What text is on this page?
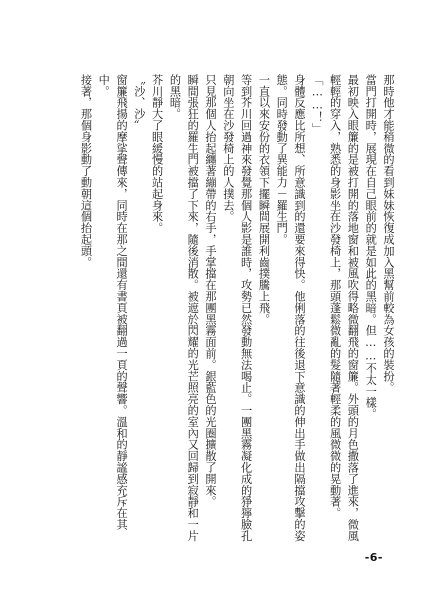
那時他才能稍微的看到妹妹恢復成加入黑幫前較為女孩的裝扮。

當門打開時，展現在自己眼前的就是如此的黑暗。但……不太一樣。

最初映入眼簾的是被打開的落地窗和被風吹得略微翻飛的窗簾。外頭的月色撒落了進來，微風輕輕的穿入，熟悉的身影坐在沙發椅上，那頭蓬鬆微亂的髮隨著輕柔的風微微的晃動著。

「……！」

身體反應比所想、所意識到的還要來得快。他俐落的往後退下意識的伸出手做出隔擋攻擊的姿態。同時發動了異能力－羅生門。

一直以來安份的衣領下擺瞬間展開利齒撲騰上飛。

等到芥川回過神來發覺那個人影是誰時，攻勢已然發動無法喝止。一團黑霧凝化成的猙獰臉孔朝向坐在沙發椅上的人撲去。

只見那個人抬起纏著繃帶的右手，手掌擋在那團黑霧面前。銀藍色的光圈擴散了開來。

瞬間張狂的羅生門被擋了下來，隨後消散。被遮於閃耀的光芒照亮的室內又回歸到寂靜和一片的黑暗。

芥川靜大了眼緩慢的站起身來。

〝沙、沙〞

窗簾飛揚的摩挲聲傳來，同時在那之間還有書頁被翻過一頁的聲響。溫和的靜謐感充斥在其中。

接著，那個身影動了動朝這個抬起頭。

-6-
